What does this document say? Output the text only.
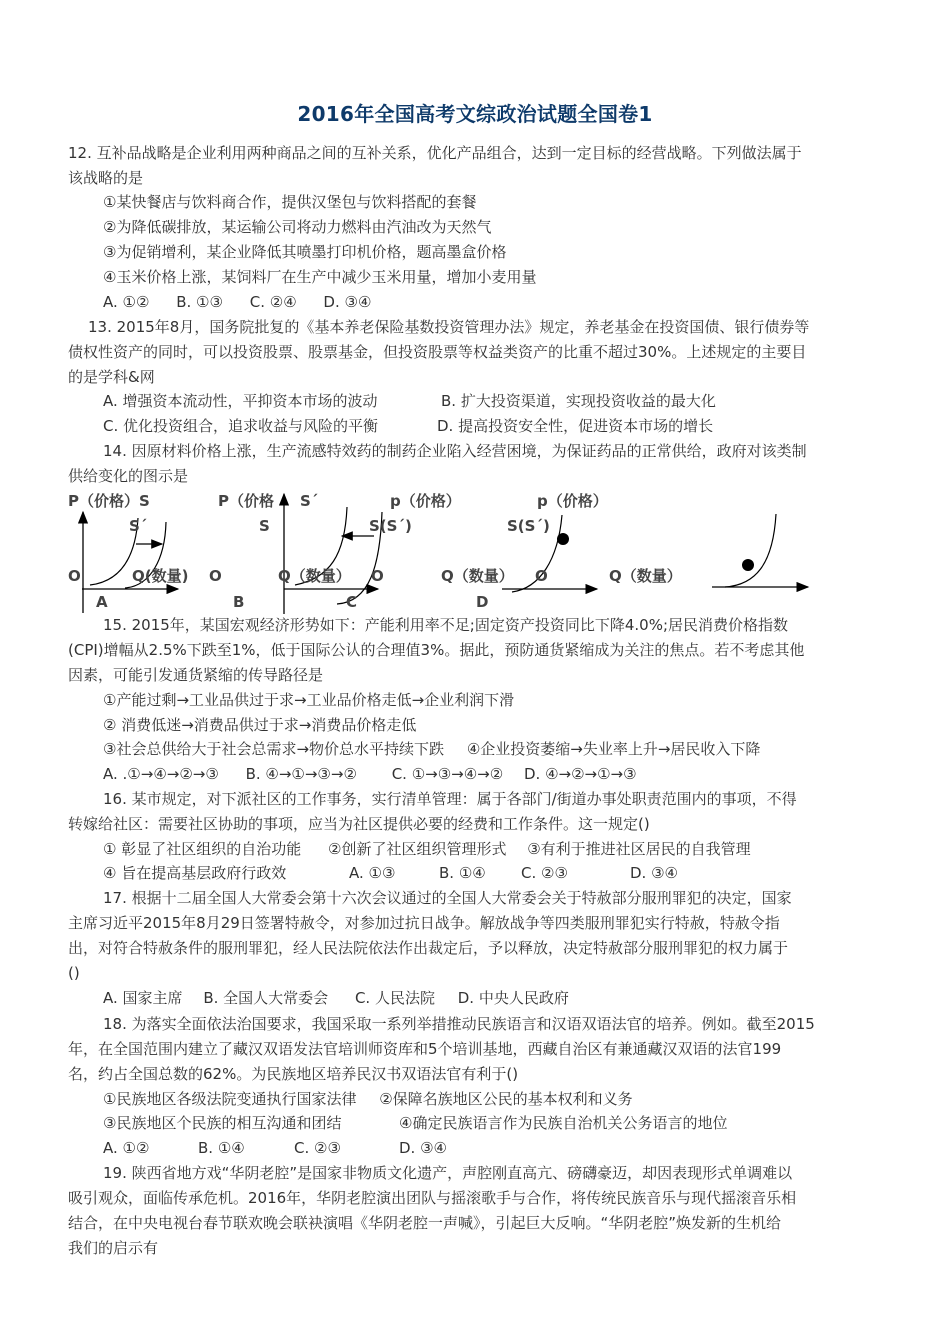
2016年全国高考文综政治试题全国卷1
12. 互补品战略是企业利用两种商品之间的互补关系，优化产品组合，达到一定目标的经营战略。下列做法属于
该战略的是
①某快餐店与饮料商合作，提供汉堡包与饮料搭配的套餐
②为降低碳排放，某运输公司将动力燃料由汽油改为天然气
③为促销增利，某企业降低其喷墨打印机价格，题高墨盒价格
④玉米价格上涨，某饲料厂在生产中减少玉米用量，增加小麦用量
A. ①② B. ①③ C. ②④ D. ③④
13. 2015年8月，国务院批复的《基本养老保险基数投资管理办法》规定，养老基金在投资国债、银行债券等
债权性资产的同时，可以投资股票、股票基金，但投资股票等权益类资产的比重不超过30%。上述规定的主要目
的是学科&网
A. 增强资本流动性，平抑资本市场的波动	B. 扩大投资渠道，实现投资收益的最大化
C. 优化投资组合，追求收益与风险的平衡	D. 提高投资安全性，促进资本市场的增长
14. 因原材料价格上涨，生产流感特效药的制药企业陷入经营困境，为保证药品的正常供给，政府对该类制
供给变化的图示是
P（价格）S
S´
O	Q(数量)
A
P（价格 S´
S
O	Q（数量）
B
p（价格）
S(S´)
O
C
p（价格）
S(S´)
Q（数量） O	Q（数量）
D
15. 2015年，某国宏观经济形势如下：产能利用率不足;固定资产投资同比下降4.0%;居民消费价格指数
(CPI)增幅从2.5%下跌至1%，低于国际公认的合理值3%。据此，预防通货紧缩成为关注的焦点。若不考虑其他
因素，可能引发通货紧缩的传导路径是
①产能过剩→工业品供过于求→工业品价格走低→企业利润下滑
② 消费低迷→消费品供过于求→消费品价格走低
③社会总供给大于社会总需求→物价总水平持续下跌 ④企业投资萎缩→失业率上升→居民收入下降
A. .①→④→②→③ B. ④→①→③→② C. ①→③→④→② D. ④→②→①→③
16. 某市规定，对下派社区的工作事务，实行清单管理：属于各部门/街道办事处职责范围内的事项，不得
转嫁给社区：需要社区协助的事项，应当为社区提供必要的经费和工作条件。这一规定()
① 彰显了社区组织的自治功能 ②创新了社区组织管理形式 ③有利于推进社区居民的自我管理
④ 旨在提高基层政府行政效	A. ①③	B. ①④ C. ②③	D. ③④
17. 根据十二届全国人大常委会第十六次会议通过的全国人大常委会关于特赦部分服刑罪犯的决定，国家
主席习近平2015年8月29日签署特赦令，对参加过抗日战争。解放战争等四类服刑罪犯实行特赦，特赦令指
出，对符合特赦条件的服刑罪犯，经人民法院依法作出裁定后，予以释放，决定特赦部分服刑罪犯的权力属于
()
A. 国家主席 B. 全国人大常委会 C. 人民法院 D. 中央人民政府
18. 为落实全面依法治国要求，我国采取一系列举措推动民族语言和汉语双语法官的培养。例如。截至2015
年，在全国范围内建立了藏汉双语发法官培训师资库和5个培训基地，西藏自治区有兼通藏汉双语的法官199
名，约占全国总数的62%。为民族地区培养民汉书双语法官有利于()
①民族地区各级法院变通执行国家法律 ②保障名族地区公民的基本权利和义务
③民族地区个民族的相互沟通和团结	④确定民族语言作为民族自治机关公务语言的地位
A. ①②	B. ①④	C. ②③	D. ③④
19. 陕西省地方戏“华阴老腔”是国家非物质文化遗产，声腔刚直高亢、磅礴豪迈，却因表现形式单调难以
吸引观众，面临传承危机。2016年，华阴老腔演出团队与摇滚歌手与合作，将传统民族音乐与现代摇滚音乐相
结合，在中央电视台春节联欢晚会联袂演唱《华阴老腔一声喊》，引起巨大反响。“华阴老腔”焕发新的生机给
我们的启示有
